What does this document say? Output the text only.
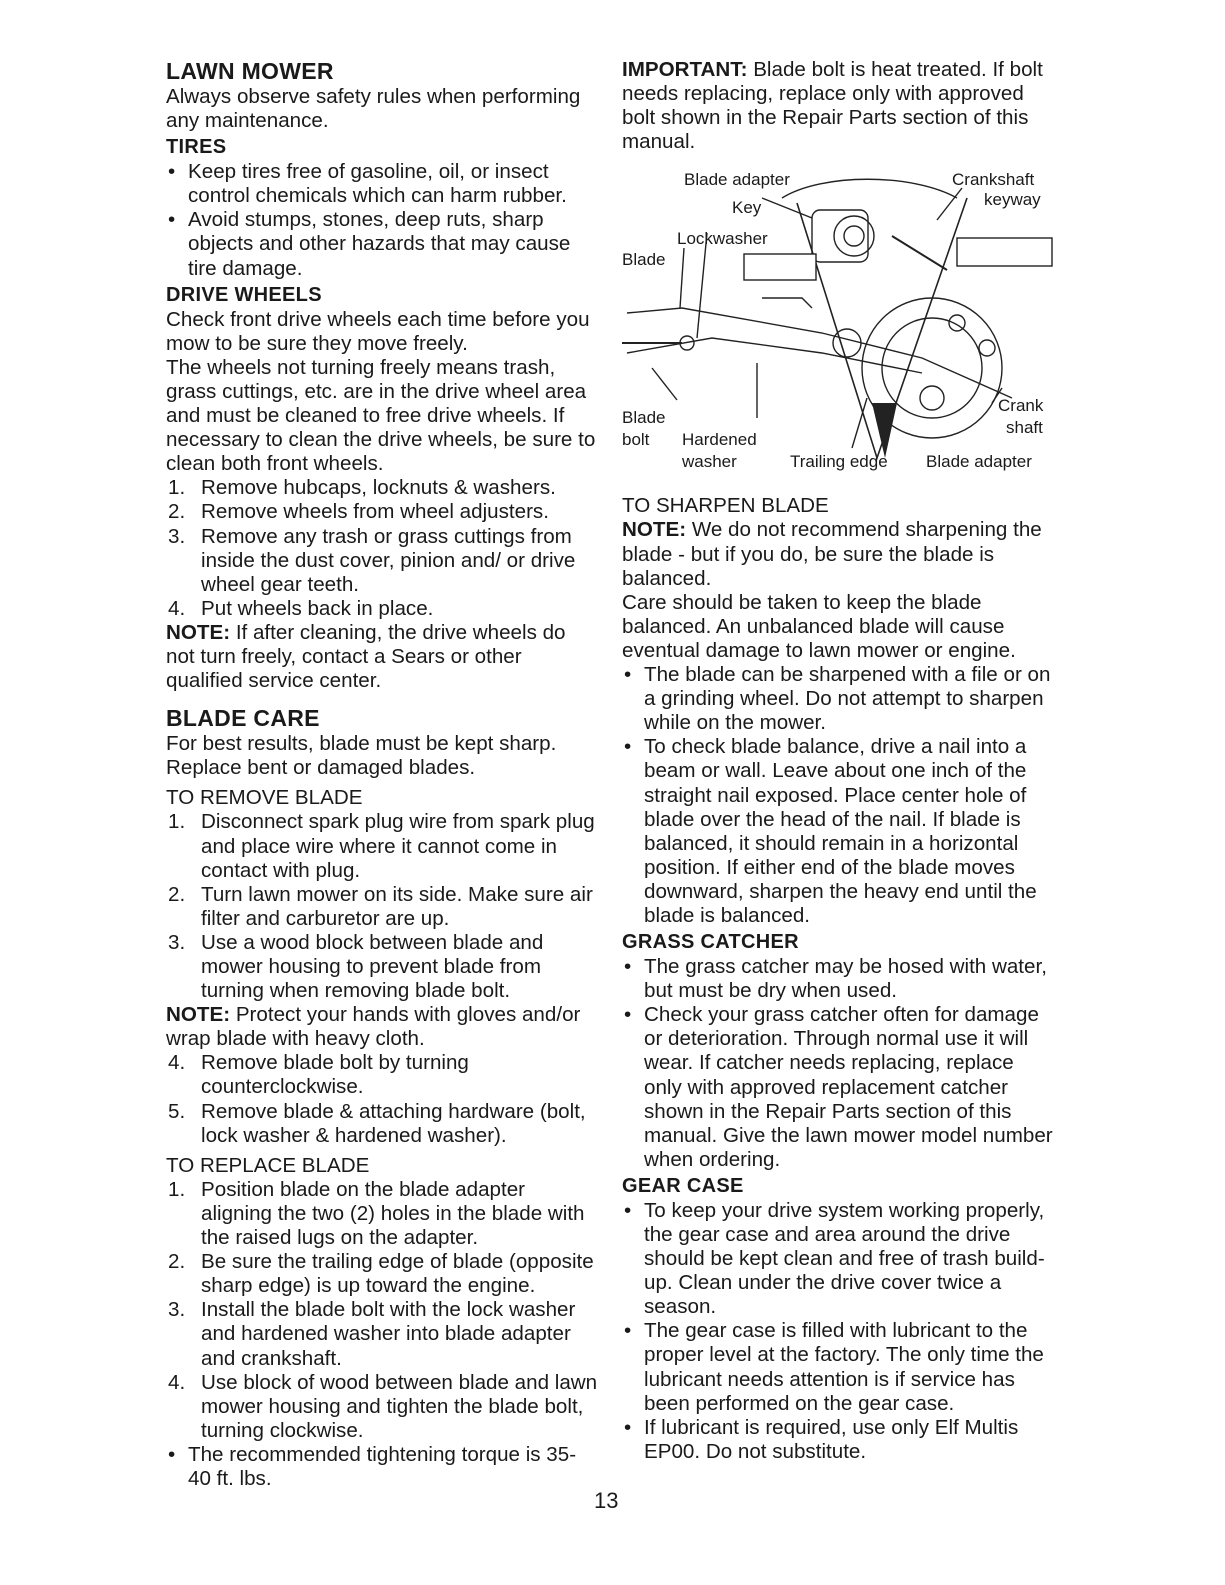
LAWN MOWER

Always observe safety rules when performing any maintenance.

TIRES
• Keep tires free of gasoline, oil, or insect control chemicals which can harm rubber.
• Avoid stumps, stones, deep ruts, sharp objects and other hazards that may cause tire damage.
DRIVE WHEELS

Check front drive wheels each time before you mow to be sure they move freely.

The wheels not turning freely means trash, grass cuttings, etc. are in the drive wheel area and must be cleaned to free drive wheels. If necessary to clean the drive wheels, be sure to clean both front wheels.

1. Remove hubcaps, locknuts & washers.
2. Remove wheels from wheel adjusters.
3. Remove any trash or grass cuttings from inside the dust cover, pinion and/ or drive wheel gear teeth.
4. Put wheels back in place.

NOTE: If after cleaning, the drive wheels do not turn freely, contact a Sears or other qualified service center.

BLADE CARE

For best results, blade must be kept sharp. Replace bent or damaged blades.

TO REMOVE BLADE

1. Disconnect spark plug wire from spark plug and place wire where it cannot come in contact with plug.
2. Turn lawn mower on its side. Make sure air filter and carburetor are up.
3. Use a wood block between blade and mower housing to prevent blade from turning when removing blade bolt.

NOTE: Protect your hands with gloves and/or wrap blade with heavy cloth.

4. Remove blade bolt by turning counterclockwise.
5. Remove blade & attaching hardware (bolt, lock washer & hardened washer).

TO REPLACE BLADE

1. Position blade on the blade adapter aligning the two (2) holes in the blade with the raised lugs on the adapter.
2. Be sure the trailing edge of blade (opposite sharp edge) is up toward the engine.
3. Install the blade bolt with the lock washer and hardened washer into blade adapter and crankshaft.
4. Use block of wood between blade and lawn mower housing and tighten the blade bolt, turning clockwise.
• The recommended tightening torque is 35-40 ft. lbs.

IMPORTANT: Blade bolt is heat treated. If bolt needs replacing, replace only with approved bolt shown in the Repair Parts section of this manual.

Blade adapter	Crankshaft
keyway
Key
Lockwasher
Blade
Blade
bolt Hardened
washer	Trailing edge Blade adapter
Crank
shaft

TO SHARPEN BLADE

NOTE: We do not recommend sharpening the blade - but if you do, be sure the blade is balanced.

Care should be taken to keep the blade balanced. An unbalanced blade will cause eventual damage to lawn mower or engine.

• The blade can be sharpened with a file or on a grinding wheel. Do not attempt to sharpen while on the mower.
• To check blade balance, drive a nail into a beam or wall. Leave about one inch of the straight nail exposed. Place center hole of blade over the head of the nail. If blade is balanced, it should remain in a horizontal position. If either end of the blade moves downward, sharpen the heavy end until the blade is balanced.
GRASS CATCHER
• The grass catcher may be hosed with water, but must be dry when used.
• Check your grass catcher often for damage or deterioration. Through normal use it will wear. If catcher needs replacing, replace only with approved replacement catcher shown in the Repair Parts section of this manual. Give the lawn mower model number when ordering.
GEAR CASE
• To keep your drive system working properly, the gear case and area around the drive should be kept clean and free of trash build-up. Clean under the drive cover twice a season.
• The gear case is filled with lubricant to the proper level at the factory. The only time the lubricant needs attention is if service has been performed on the gear case.
• If lubricant is required, use only Elf Multis EP00. Do not substitute.
13
